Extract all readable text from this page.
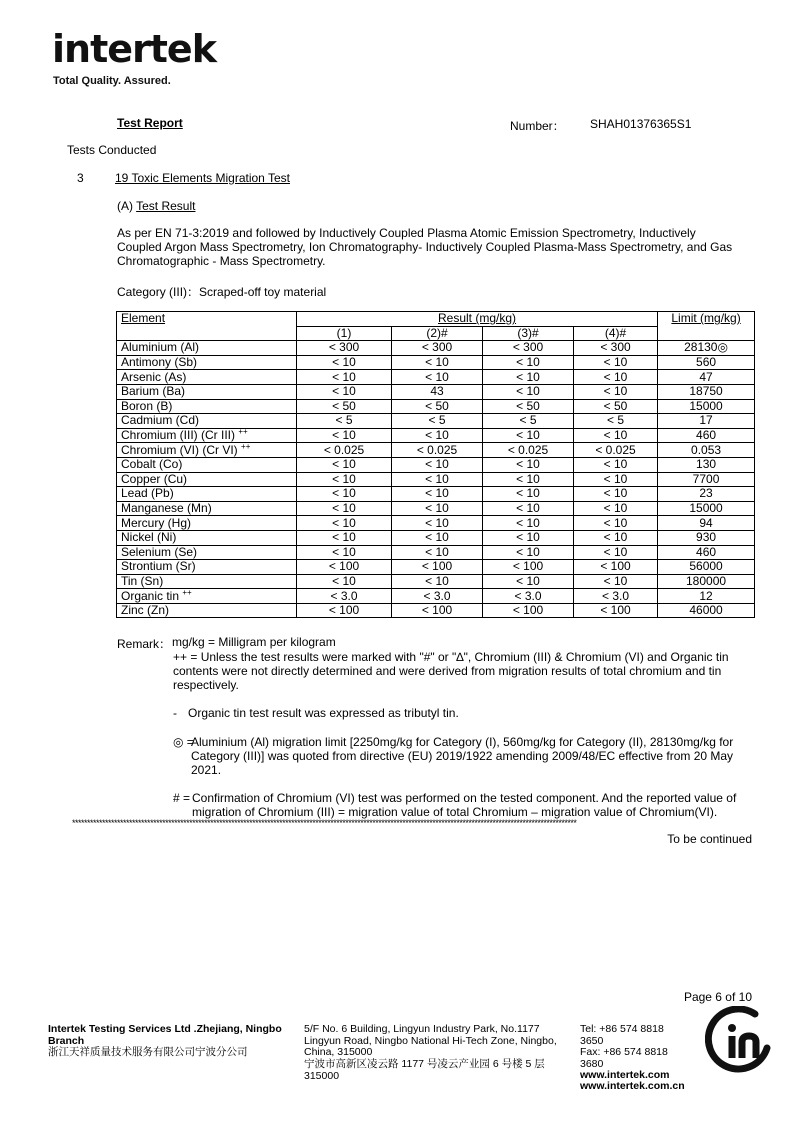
intertek
Total Quality. Assured.
Test Report	Number： SHAH01376365S1
Tests Conducted
3	19 Toxic Elements Migration Test
(A) Test Result
As per EN 71-3:2019 and followed by Inductively Coupled Plasma Atomic Emission Spectrometry, Inductively Coupled Argon Mass Spectrometry, Ion Chromatography- Inductively Coupled Plasma-Mass Spectrometry, and Gas Chromatographic - Mass Spectrometry.
Category (III)：Scraped-off toy material
Element	Result (mg/kg)				Limit (mg/kg)
	(1)	(2)#	(3)#	(4)#	
Aluminium (Al)	< 300	< 300	< 300	< 300	28130◎
Antimony (Sb)	< 10	< 10	< 10	< 10	560
Arsenic (As)	< 10	< 10	< 10	< 10	47
Barium (Ba)	< 10	43	< 10	< 10	18750
Boron (B)	< 50	< 50	< 50	< 50	15000
Cadmium (Cd)	< 5	< 5	< 5	< 5	17
Chromium (III) (Cr III) ++	< 10	< 10	< 10	< 10	460
Chromium (VI) (Cr VI) ++	< 0.025	< 0.025	< 0.025	< 0.025	0.053
Cobalt (Co)	< 10	< 10	< 10	< 10	130
Copper (Cu)	< 10	< 10	< 10	< 10	7700
Lead (Pb)	< 10	< 10	< 10	< 10	23
Manganese (Mn)	< 10	< 10	< 10	< 10	15000
Mercury (Hg)	< 10	< 10	< 10	< 10	94
Nickel (Ni)	< 10	< 10	< 10	< 10	930
Selenium (Se)	< 10	< 10	< 10	< 10	460
Strontium (Sr)	< 100	< 100	< 100	< 100	56000
Tin (Sn)	< 10	< 10	< 10	< 10	180000
Organic tin ++	< 3.0	< 3.0	< 3.0	< 3.0	12
Zinc (Zn)	< 100	< 100	< 100	< 100	46000
Remark： mg/kg = Milligram per kilogram
++ = Unless the test results were marked with "#" or "∆", Chromium (III) & Chromium (VI) and Organic tin contents were not directly determined and were derived from migration results of total chromium and tin respectively.
- Organic tin test result was expressed as tributyl tin.
◎ =
Aluminium (Al) migration limit [2250mg/kg for Category (I), 560mg/kg for Category (II), 28130mg/kg for Category (III)] was quoted from directive (EU) 2019/1922 amending 2009/48/EC effective from 20 May 2021.
# = Confirmation of Chromium (VI) test was performed on the tested component. And the reported value of migration of Chromium (III) = migration value of total Chromium – migration value of Chromium(VI).
************************************************************************************************************************************************************************
To be continued
Page 6 of 10
Intertek Testing Services Ltd .Zhejiang, Ningbo Branch
浙江天祥质量技术服务有限公司宁波分公司
5/F No. 6 Building, Lingyun Industry Park, No.1177 Lingyun Road, Ningbo National Hi-Tech Zone, Ningbo, China, 315000
宁波市高新区凌云路 1177 号凌云产业园 6 号楼 5 层 315000
Tel: +86 574 8818 3650
Fax: +86 574 8818 3680
www.intertek.com
www.intertek.com.cn
